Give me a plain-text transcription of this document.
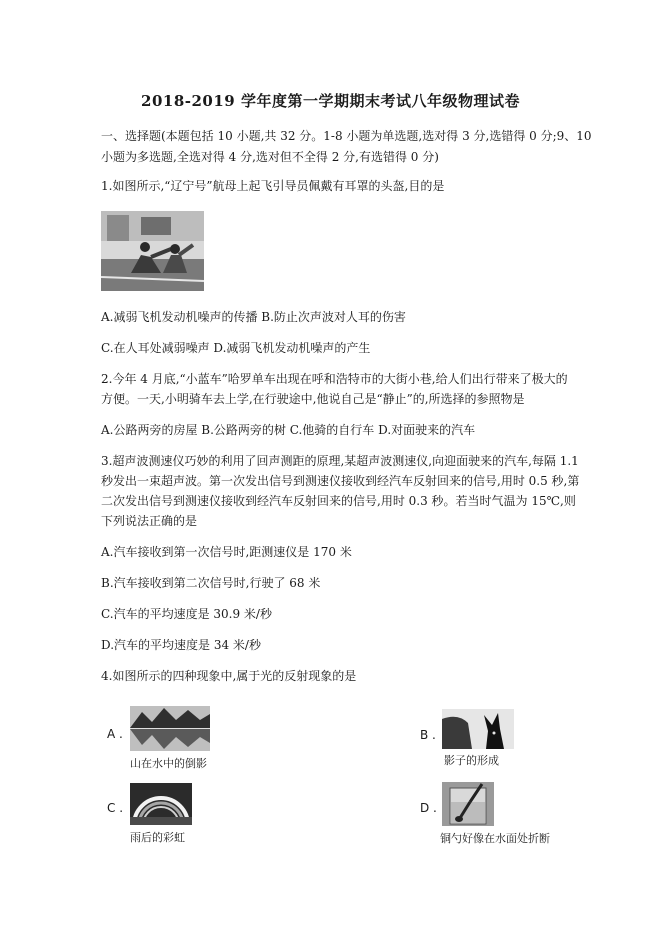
2018-2019 学年度第一学期期末考试八年级物理试卷
一、选择题(本题包括 10 小题,共 32 分。1-8 小题为单选题,选对得 3 分,选错得 0 分;9、10
小题为多选题,全选对得 4 分,选对但不全得 2 分,有选错得 0 分)
1.如图所示,“辽宁号”航母上起飞引导员佩戴有耳罩的头盔,目的是
A.减弱飞机发动机噪声的传播 B.防止次声波对人耳的伤害
C.在人耳处减弱噪声 D.减弱飞机发动机噪声的产生
2.今年 4 月底,“小蓝车”哈罗单车出现在呼和浩特市的大街小巷,给人们出行带来了极大的
方便。一天,小明骑车去上学,在行驶途中,他说自己是“静止”的,所选择的参照物是
A.公路两旁的房屋 B.公路两旁的树 C.他骑的自行车 D.对面驶来的汽车
3.超声波测速仪巧妙的利用了回声测距的原理,某超声波测速仪,向迎面驶来的汽车,每隔 1.1
秒发出一束超声波。第一次发出信号到测速仪接收到经汽车反射回来的信号,用时 0.5 秒,第
二次发出信号到测速仪接收到经汽车反射回来的信号,用时 0.3 秒。若当时气温为 15℃,则
下列说法正确的是
A.汽车接收到第一次信号时,距测速仪是 170 米
B.汽车接收到第二次信号时,行驶了 68 米
C.汽车的平均速度是 30.9 米/秒
D.汽车的平均速度是 34 米/秒
4.如图所示的四种现象中,属于光的反射现象的是
A .
山在水中的倒影
B .
影子的形成
C .
雨后的彩虹
D .
铜勺好像在水面处折断
